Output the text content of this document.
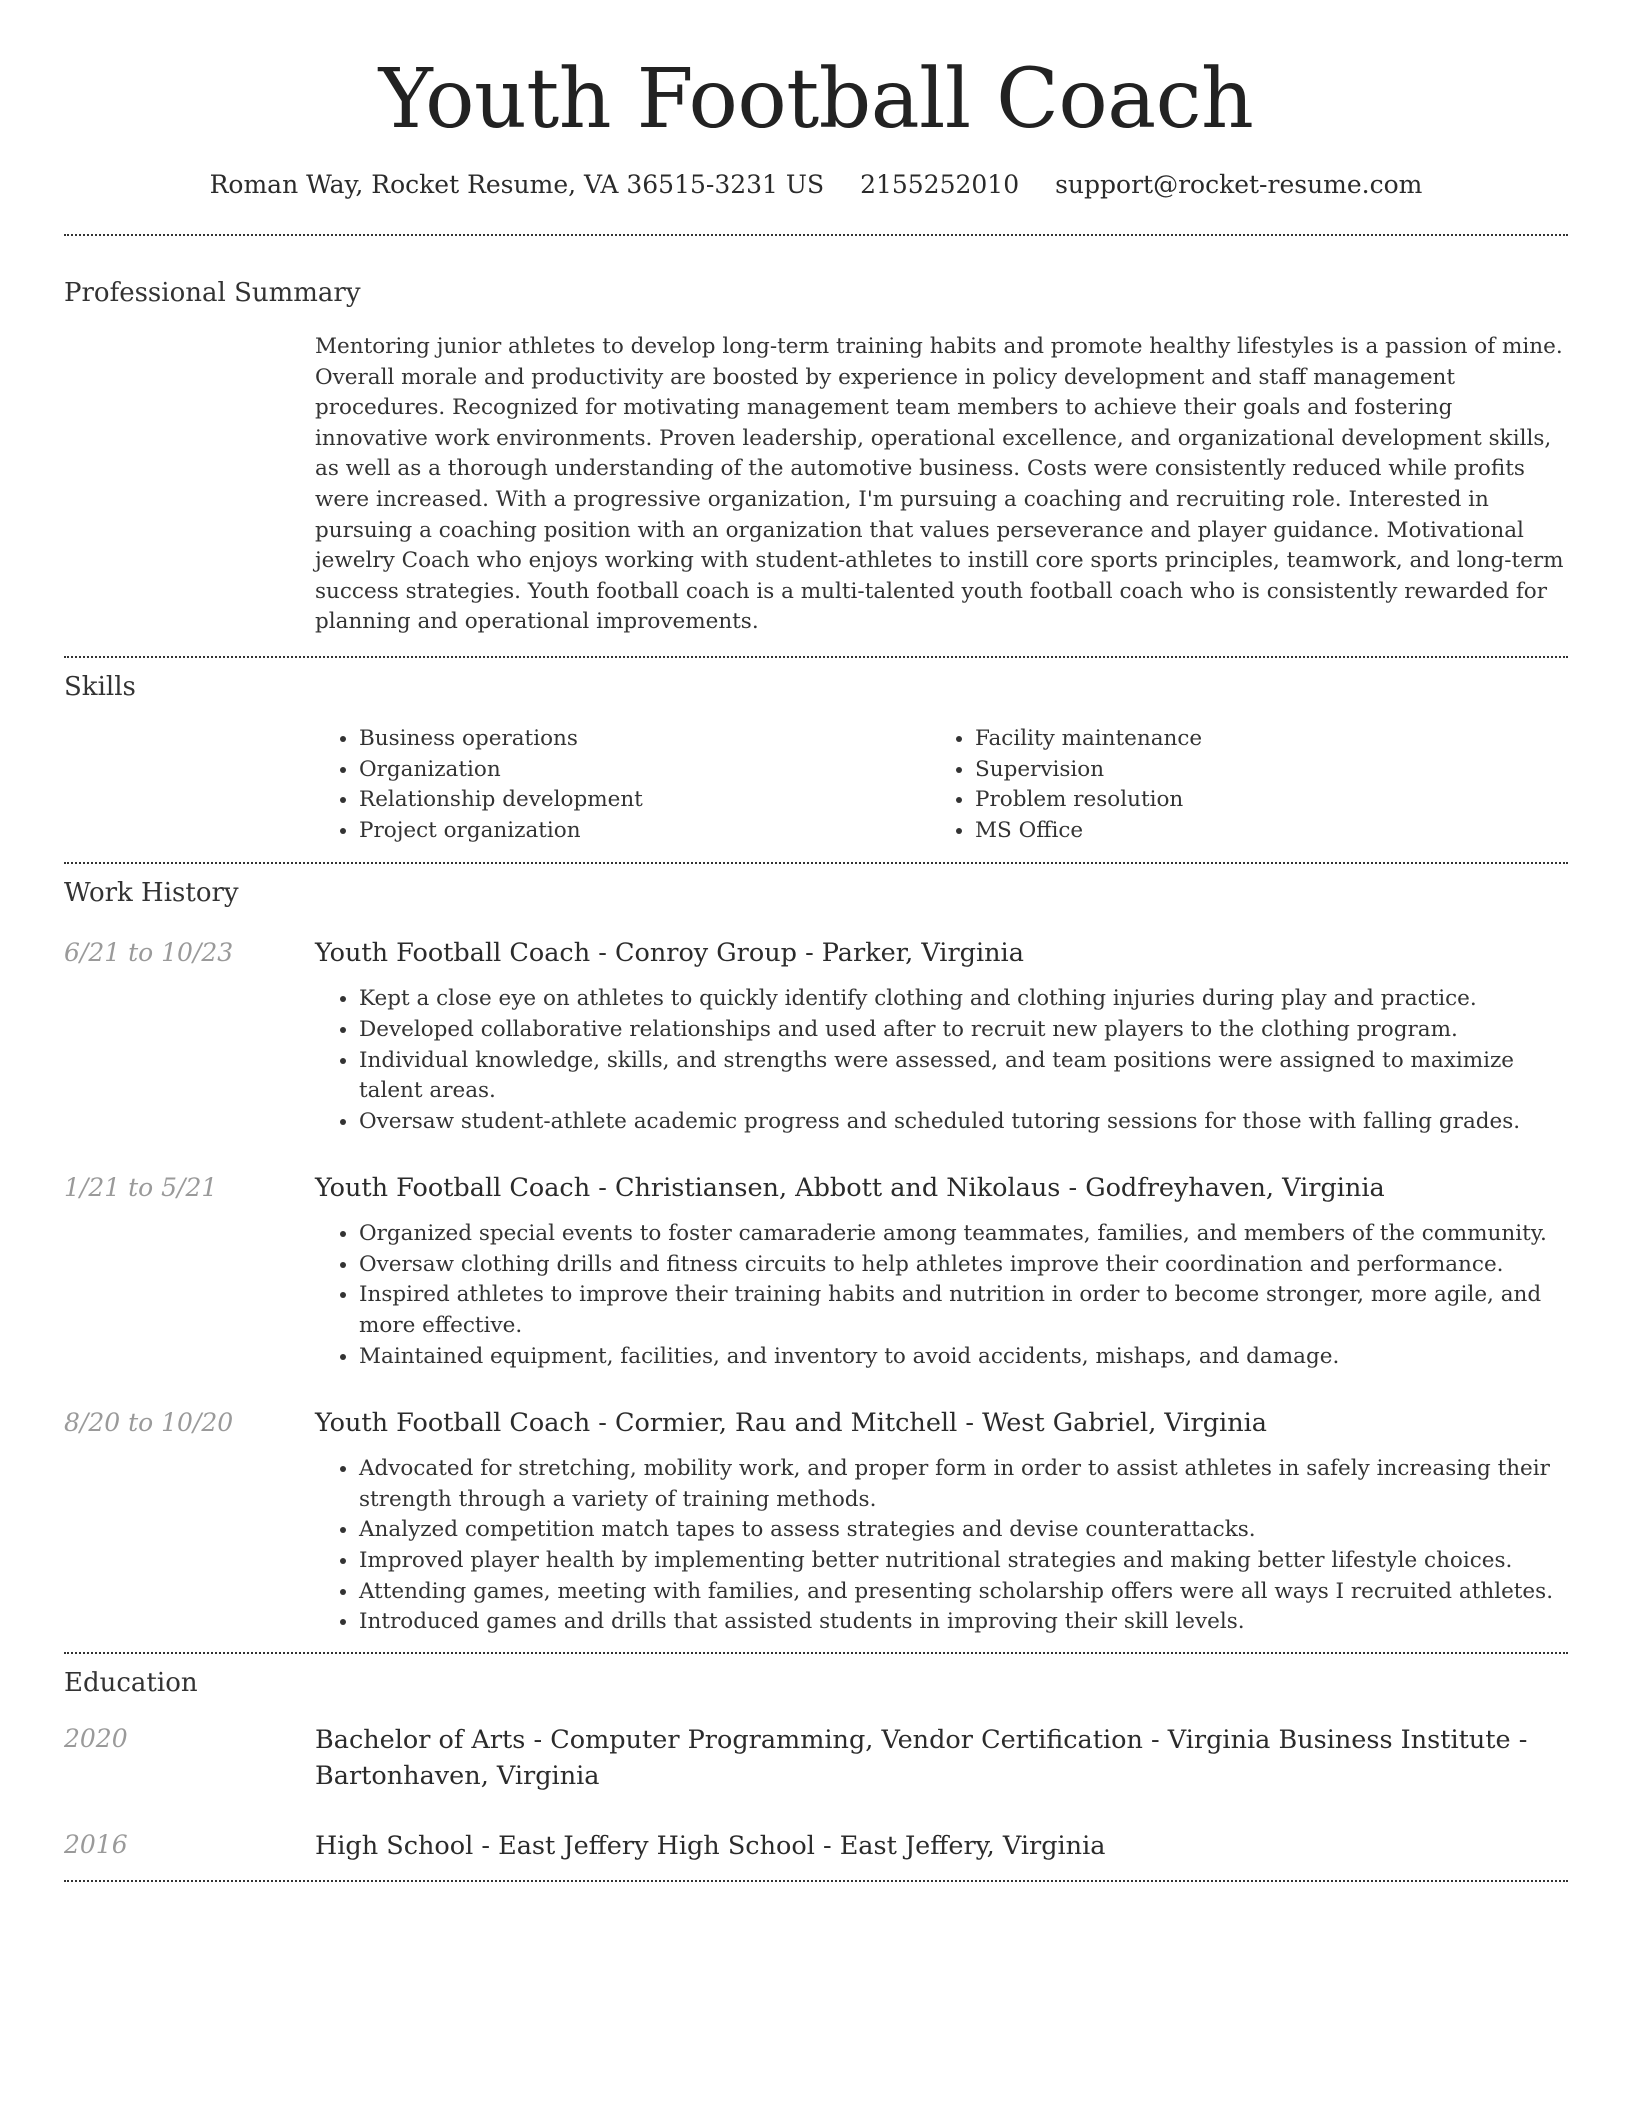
Youth Football Coach
Roman Way, Rocket Resume, VA 36515-3231 US 2155252010 support@rocket-resume.com
Professional Summary

Mentoring junior athletes to develop long-term training habits and promote healthy lifestyles is a passion of mine. Overall morale and productivity are boosted by experience in policy development and staff management procedures. Recognized for motivating management team members to achieve their goals and fostering innovative work environments. Proven leadership, operational excellence, and organizational development skills, as well as a thorough understanding of the automotive business. Costs were consistently reduced while profits were increased. With a progressive organization, I'm pursuing a coaching and recruiting role. Interested in pursuing a coaching position with an organization that values perseverance and player guidance. Motivational jewelry Coach who enjoys working with student-athletes to instill core sports principles, teamwork, and long-term success strategies. Youth football coach is a multi-talented youth football coach who is consistently rewarded for planning and operational improvements.

Skills
• Business operations
• Organization
• Relationship development
• Project organization
• Facility maintenance
• Supervision
• Problem resolution
• MS Office
Work History
6/21 to 10/23	Youth Football Coach - Conroy Group - Parker, Virginia
• Kept a close eye on athletes to quickly identify clothing and clothing injuries during play and practice.
• Developed collaborative relationships and used after to recruit new players to the clothing program.
• Individual knowledge, skills, and strengths were assessed, and team positions were assigned to maximize talent areas.
• Oversaw student-athlete academic progress and scheduled tutoring sessions for those with falling grades.
1/21 to 5/21	Youth Football Coach - Christiansen, Abbott and Nikolaus - Godfreyhaven, Virginia
• Organized special events to foster camaraderie among teammates, families, and members of the community.
• Oversaw clothing drills and fitness circuits to help athletes improve their coordination and performance.
• Inspired athletes to improve their training habits and nutrition in order to become stronger, more agile, and more effective.
• Maintained equipment, facilities, and inventory to avoid accidents, mishaps, and damage.
8/20 to 10/20	Youth Football Coach - Cormier, Rau and Mitchell - West Gabriel, Virginia
• Advocated for stretching, mobility work, and proper form in order to assist athletes in safely increasing their strength through a variety of training methods.
• Analyzed competition match tapes to assess strategies and devise counterattacks.
• Improved player health by implementing better nutritional strategies and making better lifestyle choices.
• Attending games, meeting with families, and presenting scholarship offers were all ways I recruited athletes.
• Introduced games and drills that assisted students in improving their skill levels.
Education
2020	Bachelor of Arts - Computer Programming, Vendor Certification - Virginia Business Institute - Bartonhaven, Virginia
2016	High School - East Jeffery High School - East Jeffery, Virginia
